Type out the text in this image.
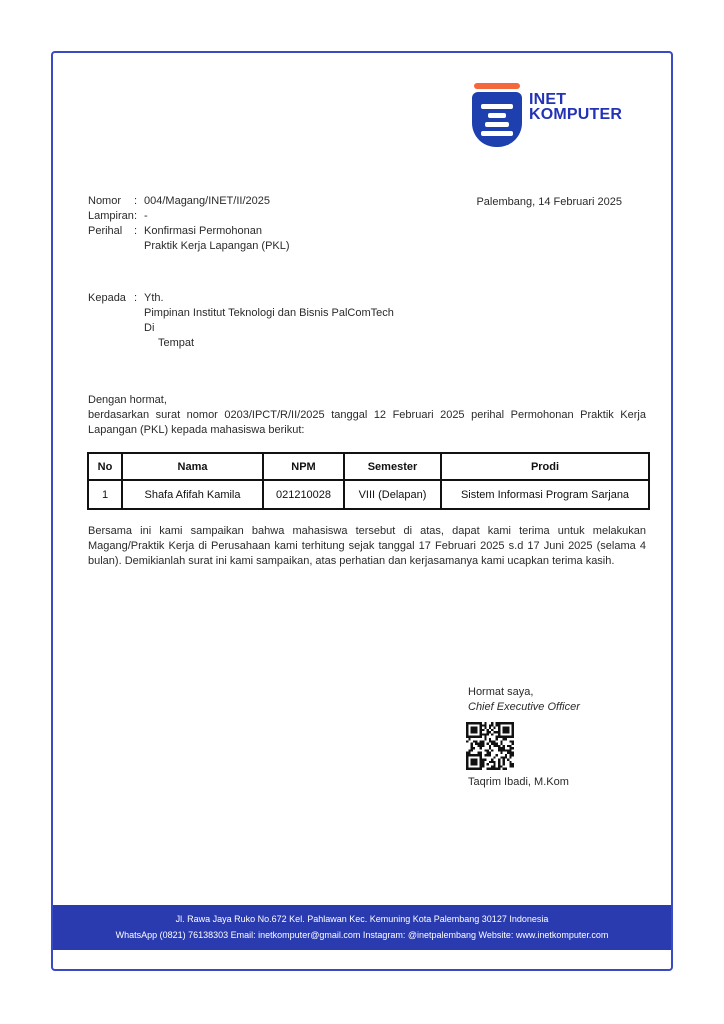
INET
KOMPUTER
Nomor	: 004/Magang/INET/II/2025
Lampiran : -
Perihal	: Konfirmasi Permohonan
Praktik Kerja Lapangan (PKL)
Palembang, 14 Februari 2025
Kepada : Yth.
Pimpinan Institut Teknologi dan Bisnis PalComTech
Di
Tempat
Dengan hormat,
berdasarkan surat nomor 0203/IPCT/R/II/2025 tanggal 12 Februari 2025 perihal Permohonan Praktik Kerja Lapangan (PKL) kepada mahasiswa berikut:
No	Nama	NPM	Semester	Prodi
1	Shafa Afifah Kamila	021210028	VIII (Delapan)	Sistem Informasi Program Sarjana
Bersama ini kami sampaikan bahwa mahasiswa tersebut di atas, dapat kami terima untuk melakukan Magang/Praktik Kerja di Perusahaan kami terhitung sejak tanggal 17 Februari 2025 s.d 17 Juni 2025 (selama 4 bulan). Demikianlah surat ini kami sampaikan, atas perhatian dan kerjasamanya kami ucapkan terima kasih.
Hormat saya,
Chief Executive Officer
Taqrim Ibadi, M.Kom
Jl. Rawa Jaya Ruko No.672 Kel. Pahlawan Kec. Kemuning Kota Palembang 30127 Indonesia
WhatsApp (0821) 76138303 Email: inetkomputer@gmail.com Instagram: @inetpalembang Website: www.inetkomputer.com
